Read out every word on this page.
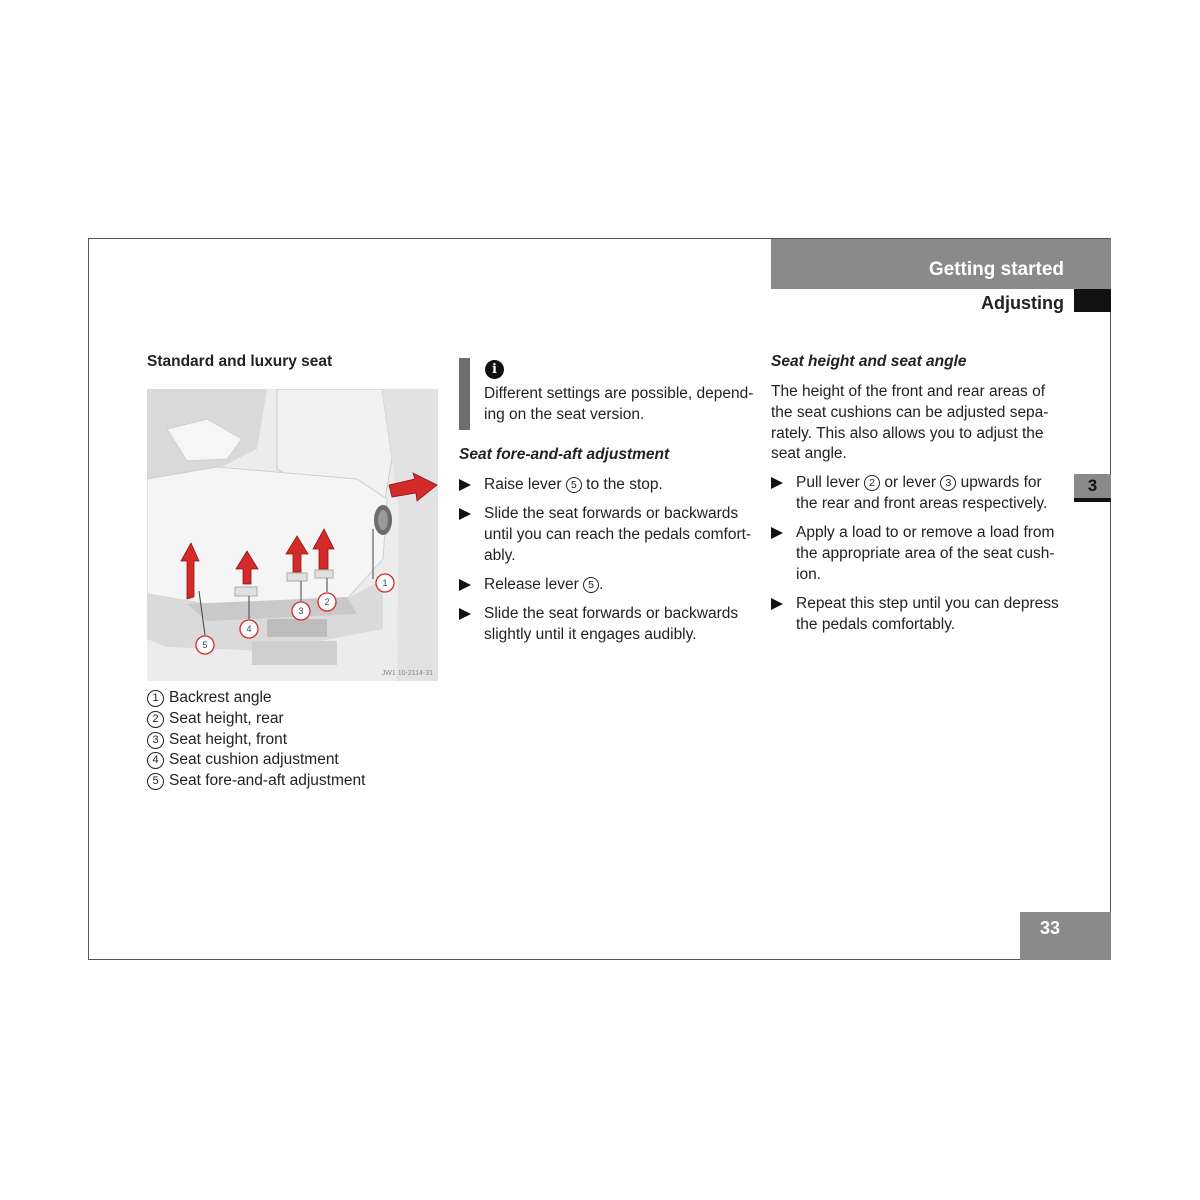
Getting started
Adjusting
3
33
Standard and luxury seat
1
2
3
4
5
JW1 10-2114-31
1 Backrest angle
2 Seat height, rear
3 Seat height, front
4 Seat cushion adjustment
5 Seat fore-and-aft adjustment
i
Different settings are possible, depend-
ing on the seat version.
Seat fore-and-aft adjustment
Raise lever 5 to the stop.
Slide the seat forwards or backwards
until you can reach the pedals comfort-
ably.
Release lever 5 .
Slide the seat forwards or backwards
slightly until it engages audibly.
Seat height and seat angle
The height of the front and rear areas of
the seat cushions can be adjusted sepa-
rately. This also allows you to adjust the
seat angle.
Pull lever 2 or lever 3 upwards for
the rear and front areas respectively.
Apply a load to or remove a load from
the appropriate area of the seat cush-
ion.
Repeat this step until you can depress
the pedals comfortably.
